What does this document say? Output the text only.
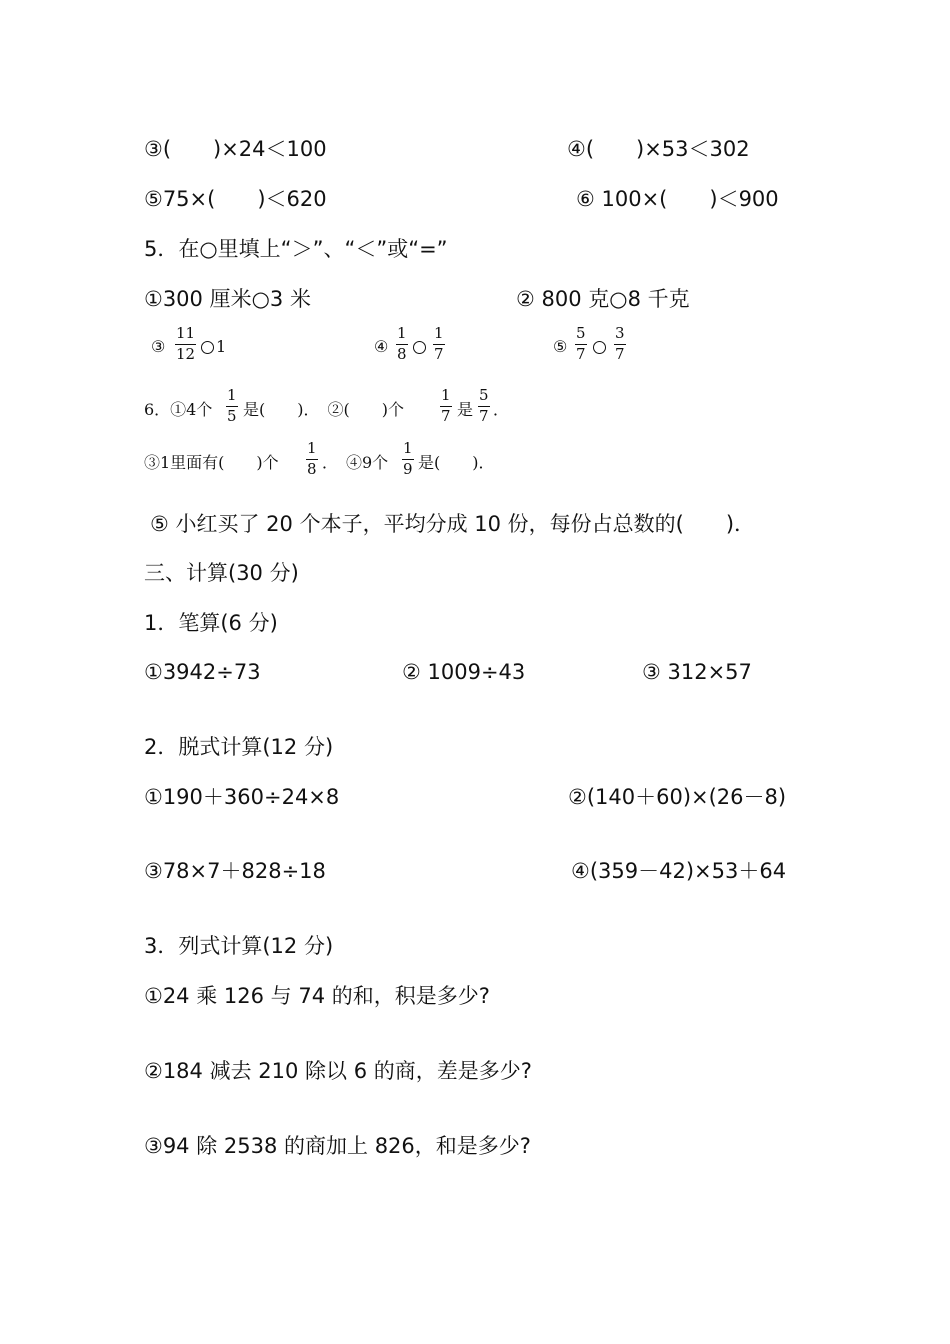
③(　　)×24＜100	④(　　)×53＜302
⑤75×(　　)＜620	⑥ 100×(　　)＜900
5．在○里填上“＞”、“＜”或“=”
①300 厘米○3 米	② 800 克○8 千克
③
11
12 1	④
1
8
1
7	⑤
5
7
3
7
6．①4个
1
5 是(　　)．　②(　　)个
1
7 是
5
7 ．
③1里面有(　　)个
1
8 ．　④9个
1
9 是(　　)．
⑤ 小红买了 20 个本子，平均分成 10 份，每份占总数的(　　)．
三、计算(30 分)
1．笔算(6 分)
①3942÷73	② 1009÷43	③ 312×57
2．脱式计算(12 分)
①190＋360÷24×8	②(140＋60)×(26－8)
③78×7＋828÷18	④(359－42)×53＋64
3．列式计算(12 分)
①24 乘 126 与 74 的和，积是多少?
②184 减去 210 除以 6 的商，差是多少?
③94 除 2538 的商加上 826，和是多少?
